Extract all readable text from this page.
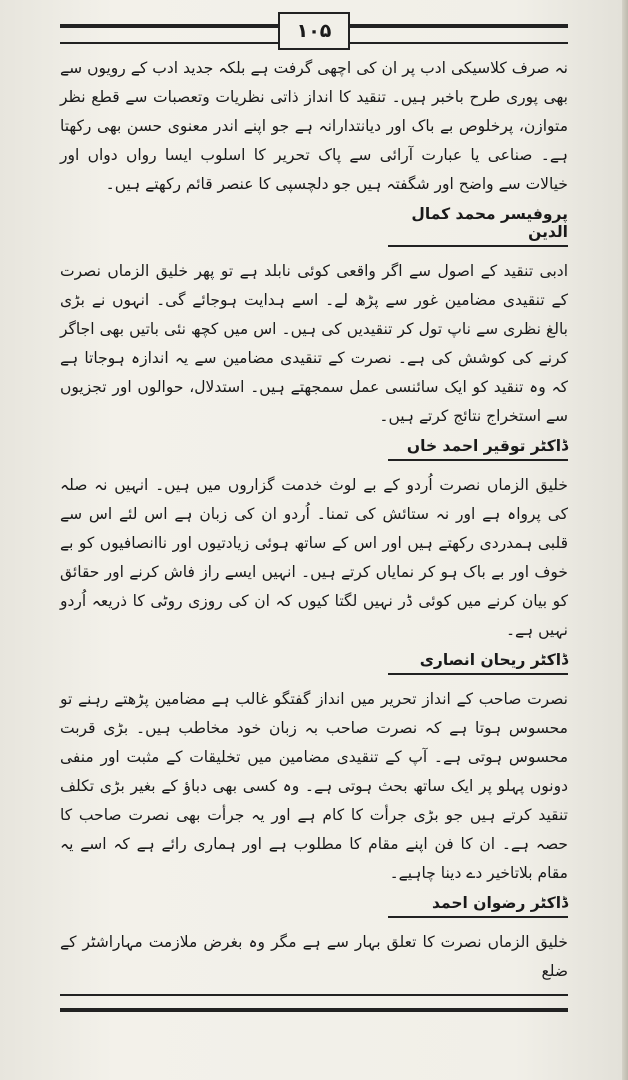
۱۰۵

نہ صرف کلاسیکی ادب پر ان کی اچھی گرفت ہے بلکہ جدید ادب کے رویوں سے بھی پوری طرح باخبر ہیں۔ تنقید کا انداز ذاتی نظریات وتعصبات سے قطع نظر متوازن، پرخلوص بے باک اور دیانتدارانہ ہے جو اپنے اندر معنوی حسن بھی رکھتا ہے۔ صناعی یا عبارت آرائی سے پاک تحریر کا اسلوب ایسا رواں دواں اور خیالات سے واضح اور شگفتہ ہیں جو دلچسپی کا عنصر قائم رکھتے ہیں۔

پروفیسر محمد کمال الدین

ادبی تنقید کے اصول سے اگر واقعی کوئی نابلد ہے تو پھر خلیق الزماں نصرت کے تنقیدی مضامین غور سے پڑھ لے۔ اسے ہدایت ہوجائے گی۔ انہوں نے بڑی بالغ نظری سے ناپ تول کر تنقیدیں کی ہیں۔ اس میں کچھ نئی باتیں بھی اجاگر کرنے کی کوشش کی ہے۔ نصرت کے تنقیدی مضامین سے یہ اندازہ ہوجاتا ہے کہ وہ تنقید کو ایک سائنسی عمل سمجھتے ہیں۔ استدلال، حوالوں اور تجزیوں سے استخراج نتائج کرتے ہیں۔

ڈاکٹر توقیر احمد خاں

خلیق الزماں نصرت اُردو کے بے لوث خدمت گزاروں میں ہیں۔ انہیں نہ صلہ کی پرواہ ہے اور نہ ستائش کی تمنا۔ اُردو ان کی زبان ہے اس لئے اس سے قلبی ہمدردی رکھتے ہیں اور اس کے ساتھ ہوئی زیادتیوں اور ناانصافیوں کو بے خوف اور بے باک ہو کر نمایاں کرتے ہیں۔ انہیں ایسے راز فاش کرنے اور حقائق کو بیان کرنے میں کوئی ڈر نہیں لگتا کیوں کہ ان کی روزی روٹی کا ذریعہ اُردو نہیں ہے۔

ڈاکٹر ریحان انصاری

نصرت صاحب کے انداز تحریر میں انداز گفتگو غالب ہے مضامین پڑھتے رہنے تو محسوس ہوتا ہے کہ نصرت صاحب بہ زبان خود مخاطب ہیں۔ بڑی قربت محسوس ہوتی ہے۔ آپ کے تنقیدی مضامین میں تخلیقات کے مثبت اور منفی دونوں پہلو پر ایک ساتھ بحث ہوتی ہے۔ وہ کسی بھی دباؤ کے بغیر بڑی تکلف تنقید کرتے ہیں جو بڑی جرأت کا کام ہے اور یہ جرأت بھی نصرت صاحب کا حصہ ہے۔ ان کا فن اپنے مقام کا مطلوب ہے اور ہماری رائے ہے کہ اسے یہ مقام بلاتاخیر دے دینا چاہیے۔

ڈاکٹر رضوان احمد

خلیق الزماں نصرت کا تعلق بہار سے ہے مگر وہ بغرض ملازمت مہاراشٹر کے ضلع
